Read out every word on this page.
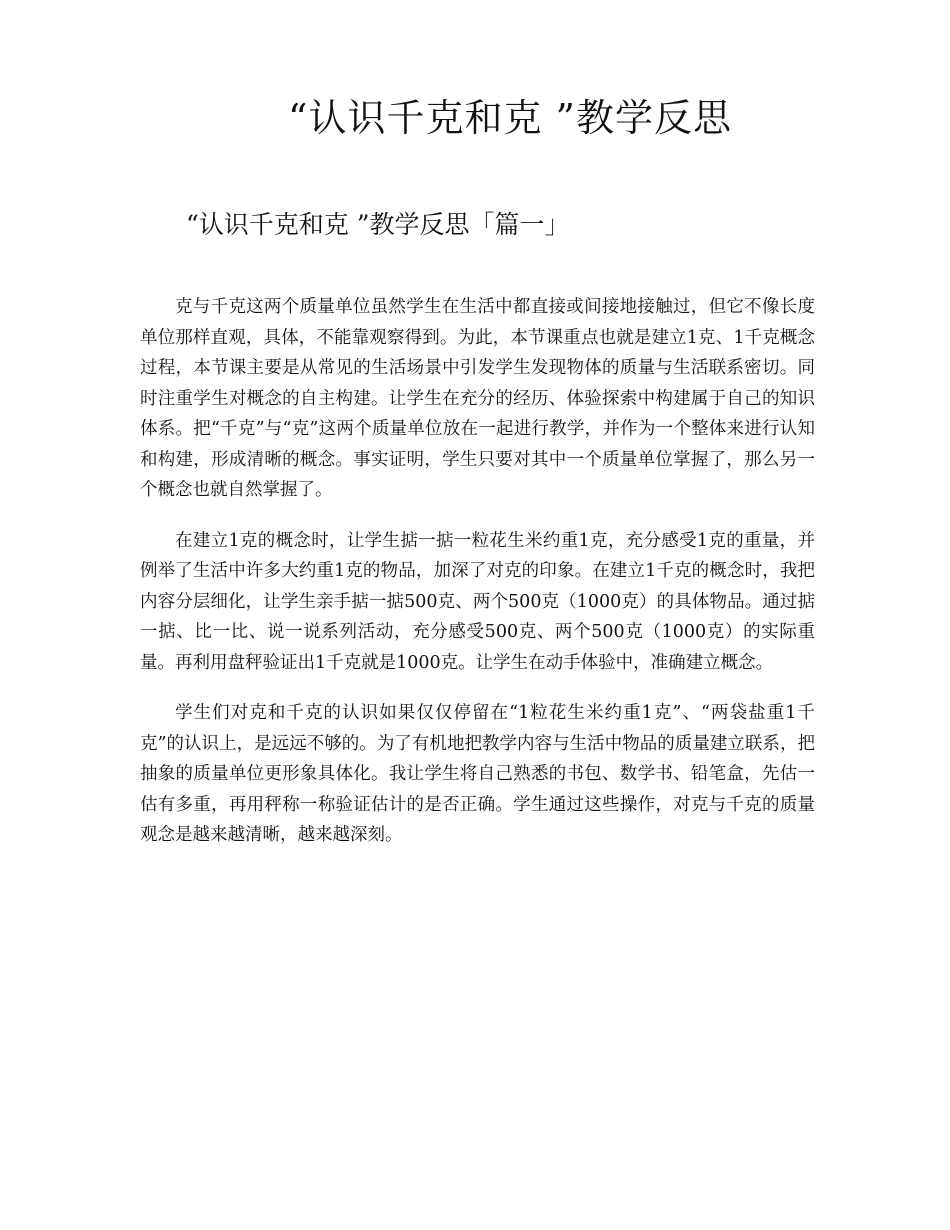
“认识千克和克 ”教学反思
“认识千克和克 ”教学反思「篇一」

克与千克这两个质量单位虽然学生在生活中都直接或间接地接触过，但它不像长度单位那样直观，具体，不能靠观察得到。为此，本节课重点也就是建立1克、1千克概念过程，本节课主要是从常见的生活场景中引发学生发现物体的质量与生活联系密切。同时注重学生对概念的自主构建。让学生在充分的经历、体验探索中构建属于自己的知识体系。把“千克”与“克”这两个质量单位放在一起进行教学，并作为一个整体来进行认知和构建，形成清晰的概念。事实证明，学生只要对其中一个质量单位掌握了，那么另一个概念也就自然掌握了。

在建立1克的概念时，让学生掂一掂一粒花生米约重1克，充分感受1克的重量，并例举了生活中许多大约重1克的物品，加深了对克的印象。在建立1千克的概念时，我把内容分层细化，让学生亲手掂一掂500克、两个500克（1000克）的具体物品。通过掂一掂、比一比、说一说系列活动，充分感受500克、两个500克（1000克）的实际重量。再利用盘秤验证出1千克就是1000克。让学生在动手体验中，准确建立概念。

学生们对克和千克的认识如果仅仅停留在“1粒花生米约重1克”、“两袋盐重1千克”的认识上，是远远不够的。为了有机地把教学内容与生活中物品的质量建立联系，把抽象的质量单位更形象具体化。我让学生将自己熟悉的书包、数学书、铅笔盒，先估一估有多重，再用秤称一称验证估计的是否正确。学生通过这些操作，对克与千克的质量观念是越来越清晰，越来越深刻。
